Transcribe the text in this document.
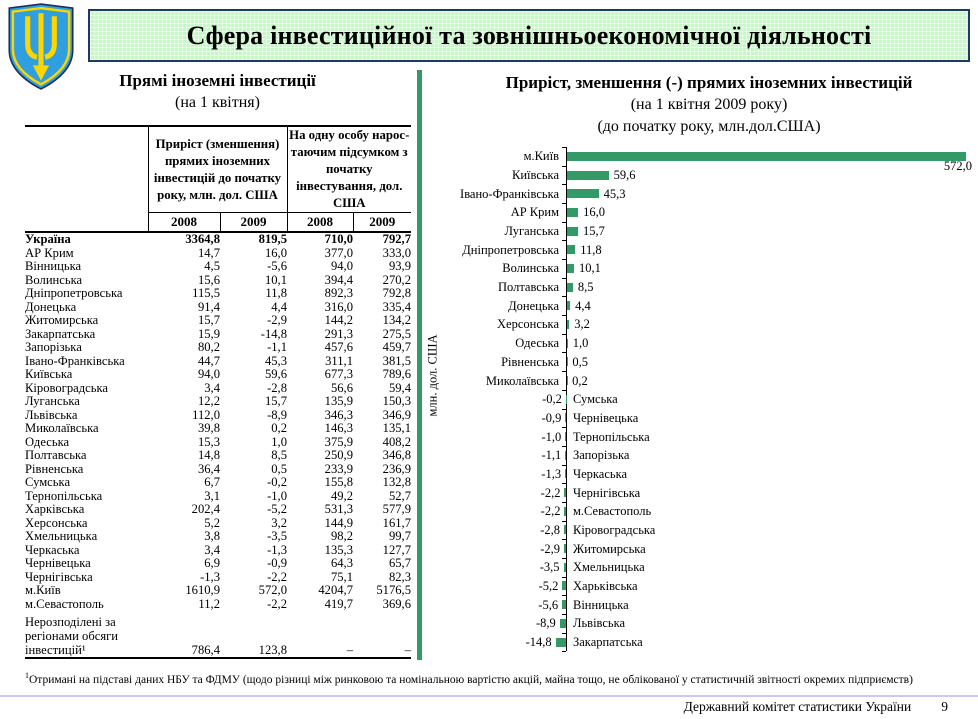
Сфера інвестиційної та зовнішньоекономічної діяльності
Прямі іноземні інвестиції
(на 1 квітня)
	Приріст (зменшення) прямих іноземних інвестицій до початку року, млн. дол. США		На одну особу нарос-таючим підсумком з початку інвестування, дол. США	
	2008	2009	2008	2009
Україна	3364,8	819,5	710,0	792,7
АР Крим	14,7	16,0	377,0	333,0
Вінницька	4,5	-5,6	94,0	93,9
Волинська	15,6	10,1	394,4	270,2
Дніпропетровська	115,5	11,8	892,3	792,8
Донецька	91,4	4,4	316,0	335,4
Житомирська	15,7	-2,9	144,2	134,2
Закарпатська	15,9	-14,8	291,3	275,5
Запорізька	80,2	-1,1	457,6	459,7
Івано-Франківська	44,7	45,3	311,1	381,5
Київська	94,0	59,6	677,3	789,6
Кіровоградська	3,4	-2,8	56,6	59,4
Луганська	12,2	15,7	135,9	150,3
Львівська	112,0	-8,9	346,3	346,9
Миколаївська	39,8	0,2	146,3	135,1
Одеська	15,3	1,0	375,9	408,2
Полтавська	14,8	8,5	250,9	346,8
Рівненська	36,4	0,5	233,9	236,9
Сумська	6,7	-0,2	155,8	132,8
Тернопільська	3,1	-1,0	49,2	52,7
Харківська	202,4	-5,2	531,3	577,9
Херсонська	5,2	3,2	144,9	161,7
Хмельницька	3,8	-3,5	98,2	99,7
Черкаська	3,4	-1,3	135,3	127,7
Чернівецька	6,9	-0,9	64,3	65,7
Чернігівська	-1,3	-2,2	75,1	82,3
м.Київ	1610,9	572,0	4204,7	5176,5
м.Севастополь	11,2	-2,2	419,7	369,6
Нерозподілені за регіонами обсяги інвестицій¹	786,4	123,8	–	–
Приріст, зменшення (-) прямих іноземних інвестицій
(на 1 квітня 2009 року)
(до початку року, млн.дол.США)
млн. дол. США
м.Київ
572,0
Київська	59,6
Івано-Франківська	45,3
АР Крим 16,0
Луганська 15,7
Дніпропетровська 11,8
Волинська 10,1
Полтавська 8,5
Донецька 4,4
Херсонська 3,2
Одеська 1,0
Рівненська 0,5
Миколаївська 0,2
-0,2 Сумська
-0,9 Чернівецька
-1,0 Тернопільська
-1,1 Запорізька
-1,3 Черкаська
-2,2 Чернігівська
-2,2 м.Севастополь
-2,8 Кіровоградська
-2,9 Житомирська
-3,5 Хмельницька
-5,2 Харьківська
-5,6 Вінницька
-8,9 Львівська
-14,8 Закарпатська
$^1$Отримані на підставі даних НБУ та ФДМУ (щодо різниці між ринковою та номінальною вартістю акцій, майна тощо, не облікованої у статистичній звітності окремих підприємств)
Державний комітет статистики України 9
